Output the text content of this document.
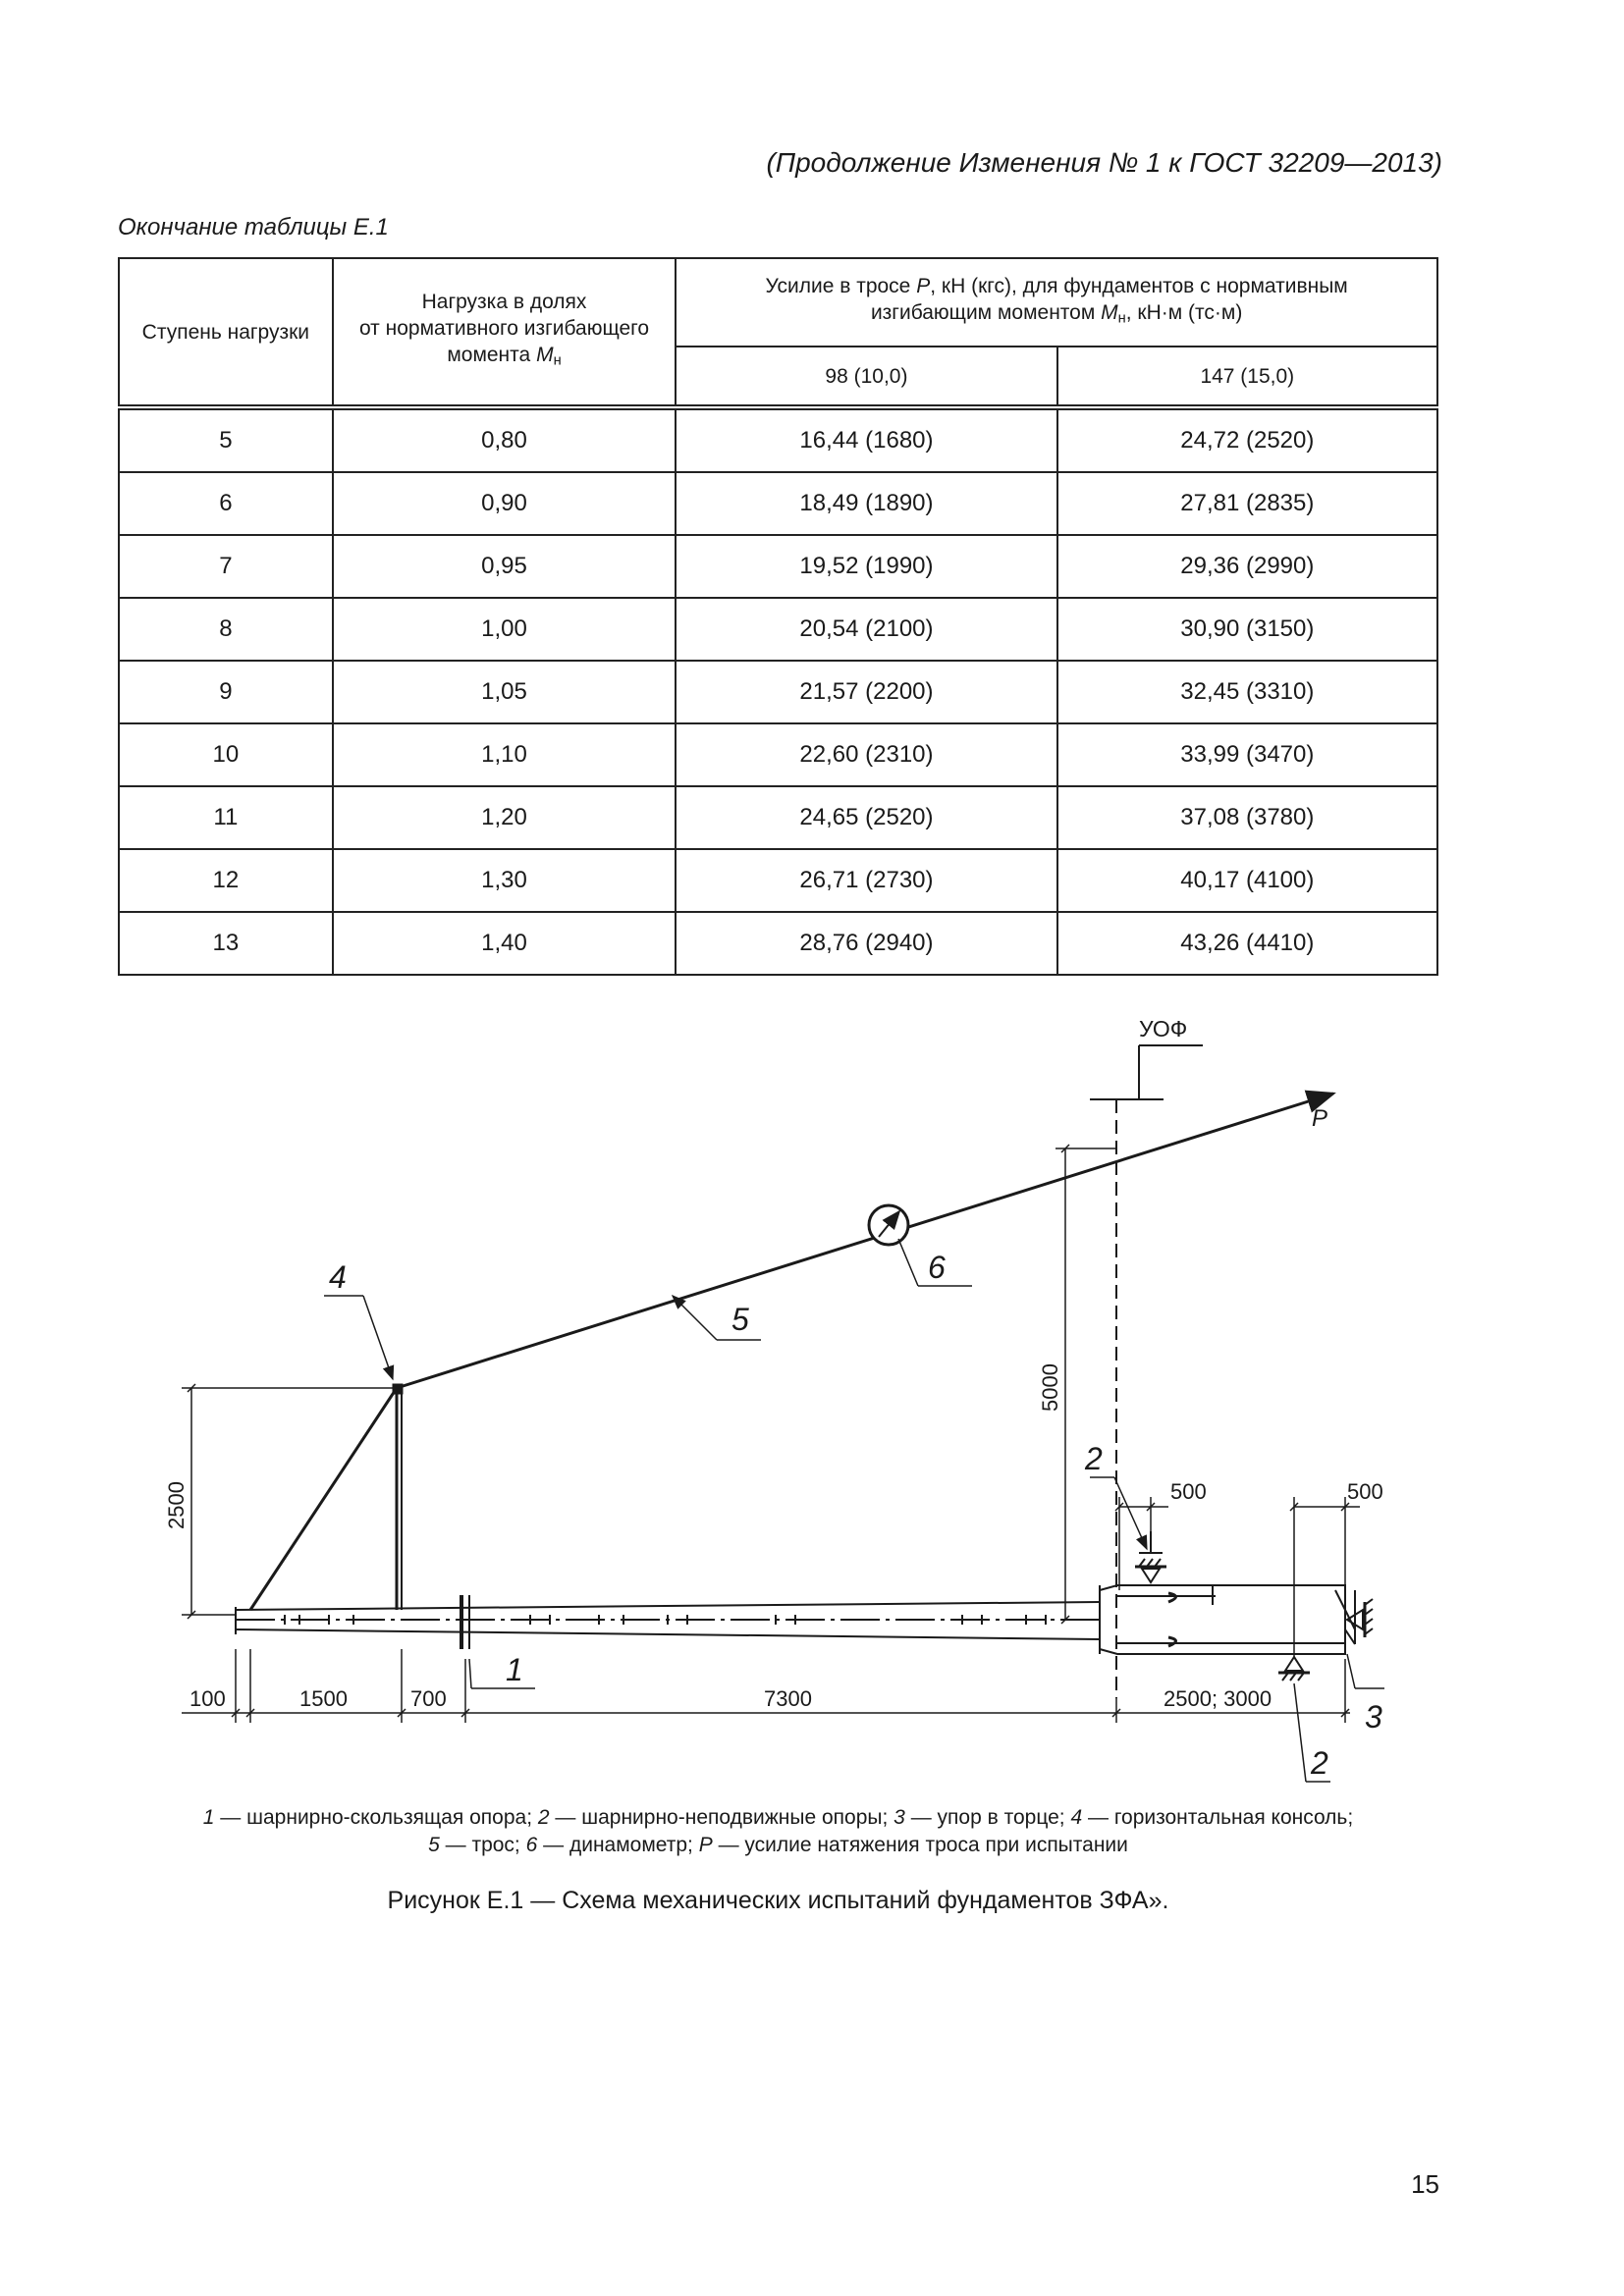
(Продолжение Изменения № 1 к ГОСТ 32209—2013)
Окончание таблицы Е.1
Ступень нагрузки	Нагрузка в долях
от нормативного изгибающего
момента $М_н$	Усилие в тросе P, кН (кгс), для фундаментов с нормативным
изгибающим моментом $М_н$, кН·м (тс·м)	
		98 (10,0)	147 (15,0)
5	0,80	16,44 (1680)	24,72 (2520)
6	0,90	18,49 (1890)	27,81 (2835)
7	0,95	19,52 (1990)	29,36 (2990)
8	1,00	20,54 (2100)	30,90 (3150)
9	1,05	21,57 (2200)	32,45 (3310)
10	1,10	22,60 (2310)	33,99 (3470)
11	1,20	24,65 (2520)	37,08 (3780)
12	1,30	26,71 (2730)	40,17 (4100)
13	1,40	28,76 (2940)	43,26 (4410)
УОФ
P
4
5
6
1
2
2
3
100	1500	700	7300	2500; 3000
500	500
2500
5000
1 — шарнирно-скользящая опора; 2 — шарнирно-неподвижные опоры; 3 — упор в торце; 4 — горизонтальная консоль;
5 — трос; 6 — динамометр; P — усилие натяжения троса при испытании
Рисунок Е.1 — Схема механических испытаний фундаментов ЗФА».
15
